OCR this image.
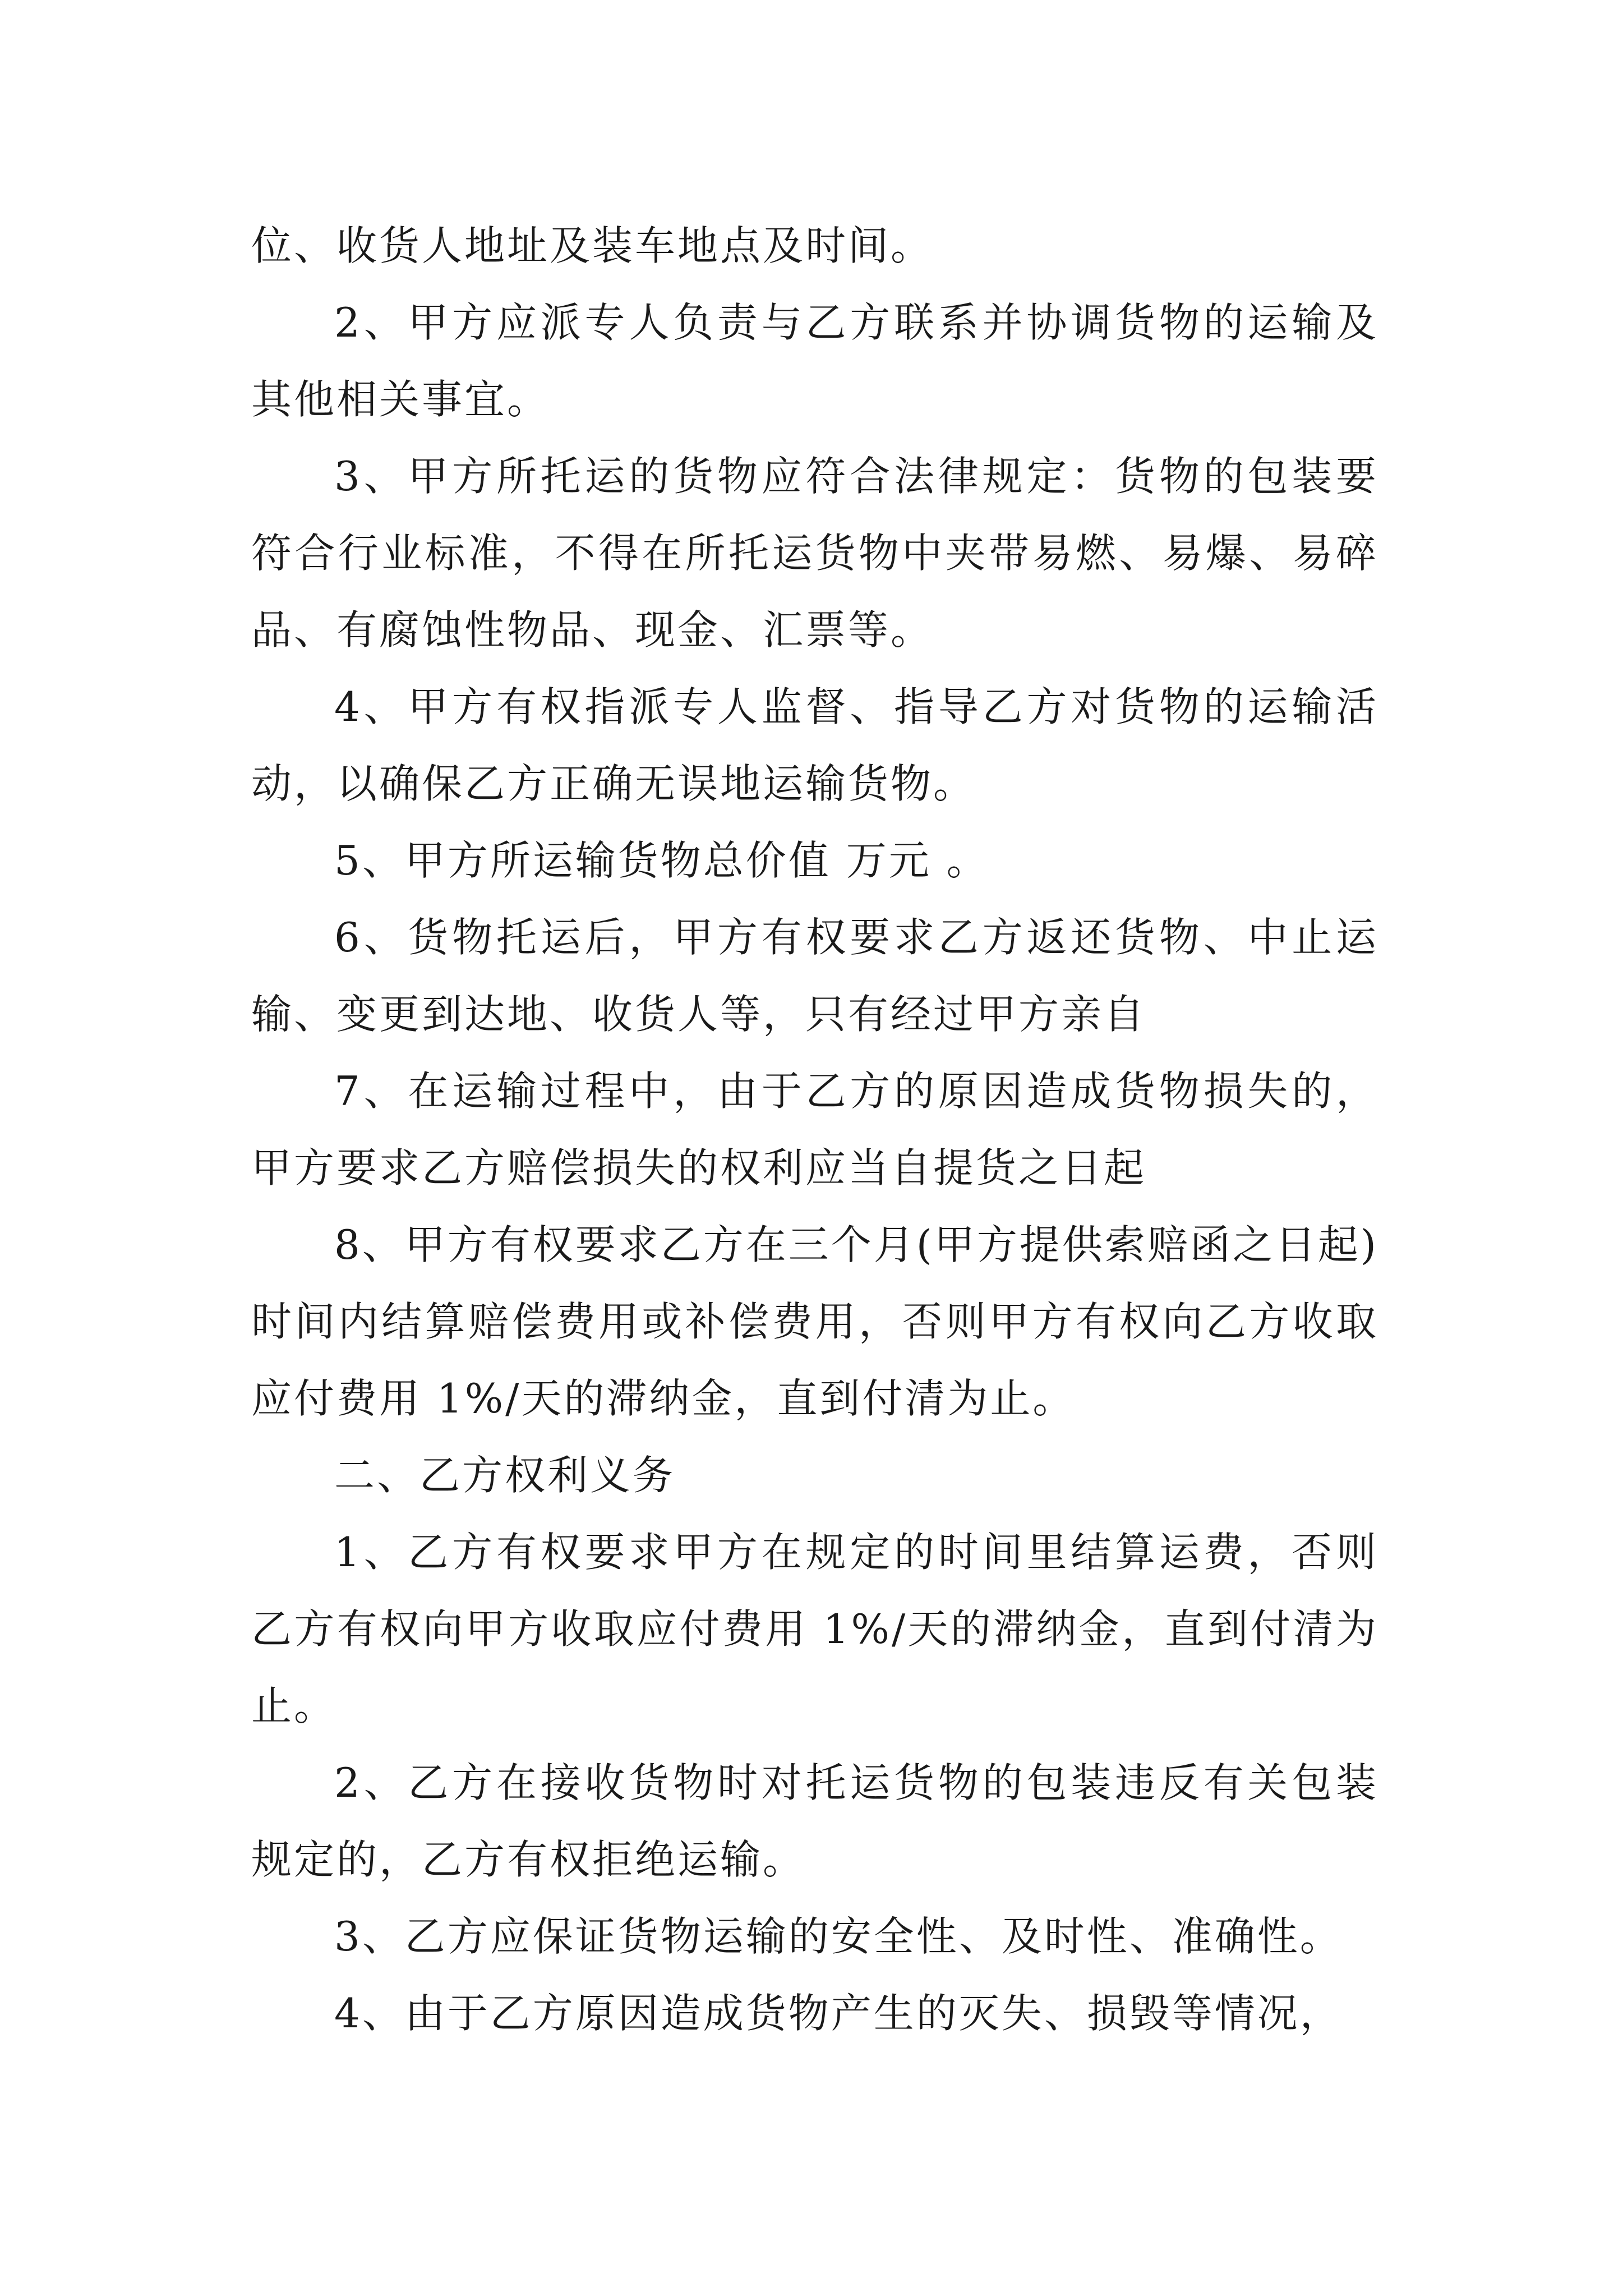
位、收货人地址及装车地点及时间。

2、甲方应派专人负责与乙方联系并协调货物的运输及其他相关事宜。

3、甲方所托运的货物应符合法律规定：货物的包装要符合行业标准，不得在所托运货物中夹带易燃、易爆、易碎品、有腐蚀性物品、现金、汇票等。

4、甲方有权指派专人监督、指导乙方对货物的运输活动，以确保乙方正确无误地运输货物。

5、甲方所运输货物总价值 万元 。

6、货物托运后，甲方有权要求乙方返还货物、中止运输、变更到达地、收货人等，只有经过甲方亲自

7、在运输过程中，由于乙方的原因造成货物损失的，甲方要求乙方赔偿损失的权利应当自提货之日起

8、甲方有权要求乙方在三个月(甲方提供索赔函之日起)时间内结算赔偿费用或补偿费用，否则甲方有权向乙方收取应付费用 1%/天的滞纳金，直到付清为止。

二、乙方权利义务

1、乙方有权要求甲方在规定的时间里结算运费，否则乙方有权向甲方收取应付费用 1%/天的滞纳金，直到付清为止。

2、乙方在接收货物时对托运货物的包装违反有关包装规定的，乙方有权拒绝运输。

3、乙方应保证货物运输的安全性、及时性、准确性。

4、由于乙方原因造成货物产生的灭失、损毁等情况，
